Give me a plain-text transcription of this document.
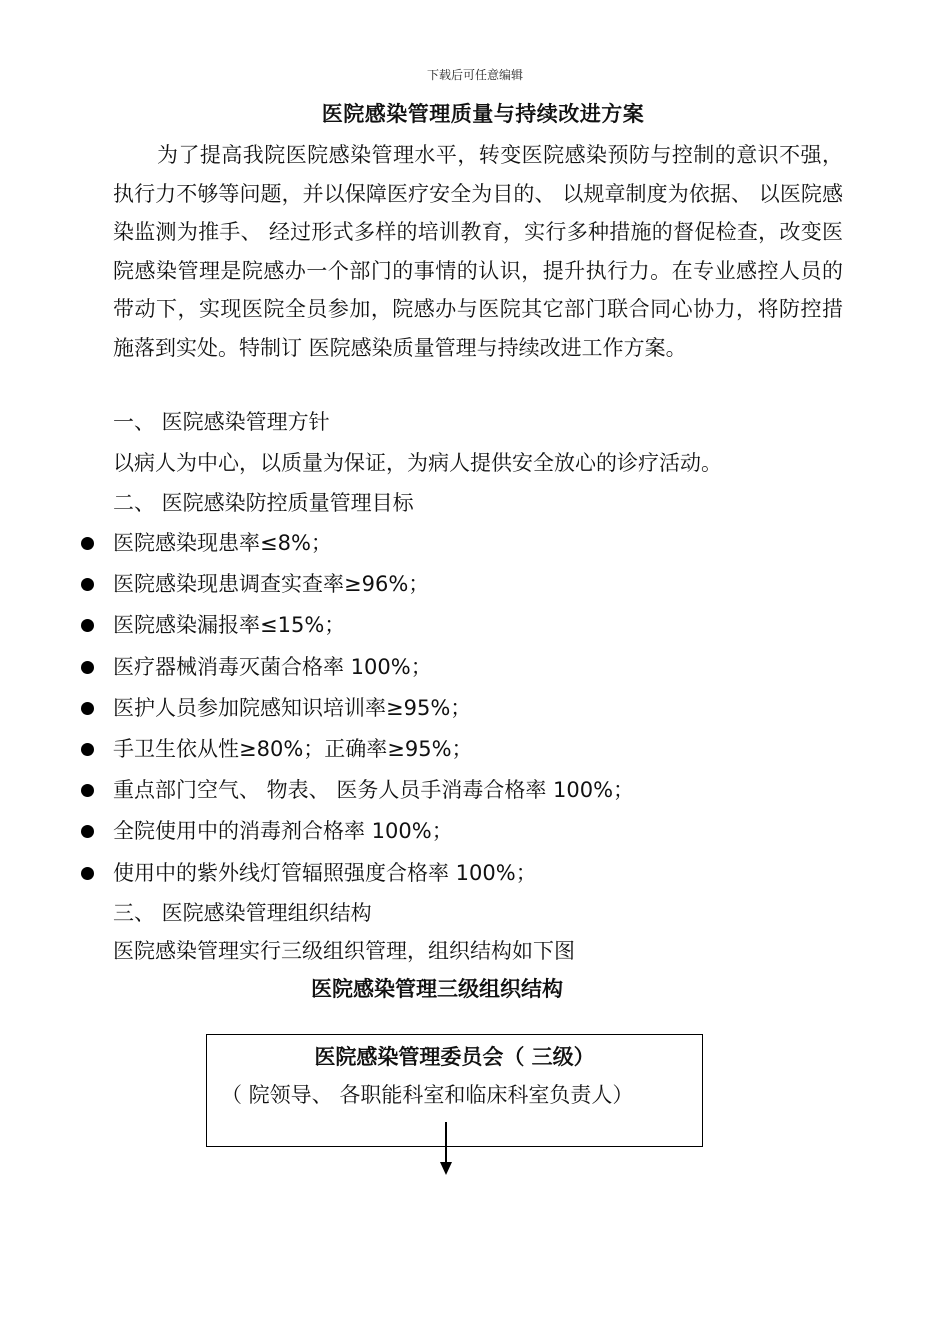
下载后可任意编辑
医院感染管理质量与持续改进方案
为了提高我院医院感染管理水平，转变医院感染预防与控制的意识不强，执行力不够等问题，并以保障医疗安全为目的、 以规章制度为依据、 以医院感染监测为推手、 经过形式多样的培训教育，实行多种措施的督促检查，改变医院感染管理是院感办一个部门的事情的认识，提升执行力。在专业感控人员的带动下，实现医院全员参加，院感办与医院其它部门联合同心协力，将防控措施落到实处。特制订 医院感染质量管理与持续改进工作方案。
一、 医院感染管理方针
以病人为中心，以质量为保证，为病人提供安全放心的诊疗活动。
二、 医院感染防控质量管理目标
医院感染现患率≤8%；
医院感染现患调查实查率≥96%；
医院感染漏报率≤15%；
医疗器械消毒灭菌合格率 100%；
医护人员参加院感知识培训率≥95%；
手卫生依从性≥80%；正确率≥95%；
重点部门空气、 物表、 医务人员手消毒合格率 100%；
全院使用中的消毒剂合格率 100%；
使用中的紫外线灯管辐照强度合格率 100%；
三、 医院感染管理组织结构
医院感染管理实行三级组织管理，组织结构如下图
医院感染管理三级组织结构
医院感染管理委员会（ 三级）
（ 院领导、 各职能科室和临床科室负责人）
